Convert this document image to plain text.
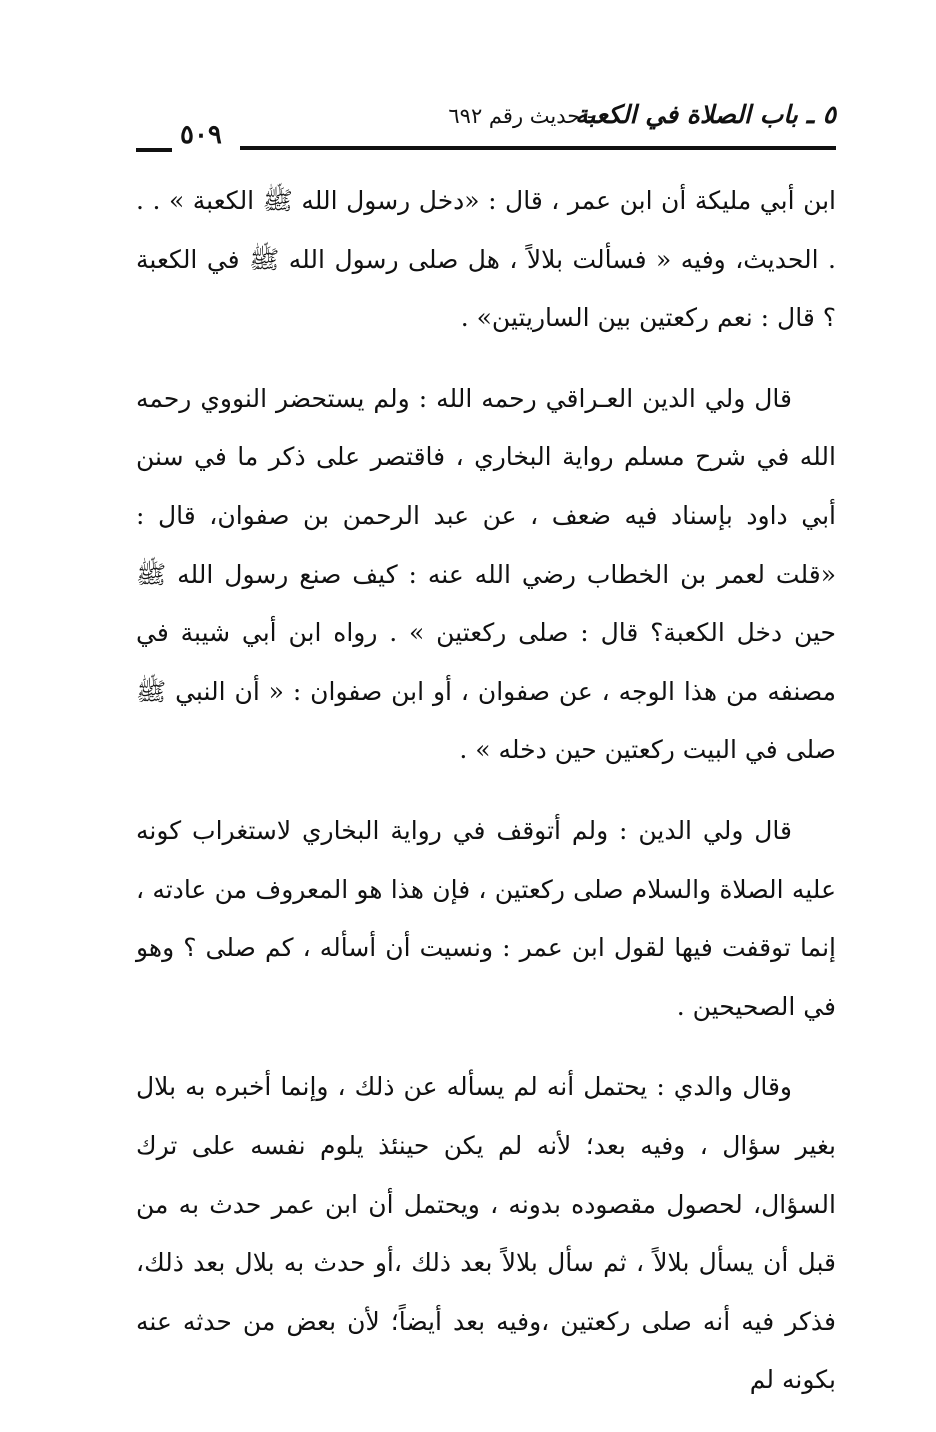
٥ ـ باب الصلاة في الكعبة
- حديث رقم ٦٩٢
٥٠٩

ابن أبي مليكة أن ابن عمر ، قال : «دخل رسول الله ﷺ الكعبة » . . . الحديث، وفيه « فسألت بلالاً ، هل صلى رسول الله ﷺ في الكعبة ؟ قال : نعم ركعتين بين الساريتين» .

قال ولي الدين العـراقي رحمه الله : ولم يستحضر النووي رحمه الله في شرح مسلم رواية البخاري ، فاقتصر على ذكر ما في سنن أبي داود بإسناد فيه ضعف ، عن عبد الرحمن بن صفوان، قال : «قلت لعمر بن الخطاب رضي الله عنه : كيف صنع رسول الله ﷺ حين دخل الكعبة؟ قال : صلى ركعتين » . رواه ابن أبي شيبة في مصنفه من هذا الوجه ، عن صفوان ، أو ابن صفوان : « أن النبي ﷺ صلى في البيت ركعتين حين دخله » .

قال ولي الدين : ولم أتوقف في رواية البخاري لاستغراب كونه عليه الصلاة والسلام صلى ركعتين ، فإن هذا هو المعروف من عادته ، إنما توقفت فيها لقول ابن عمر : ونسيت أن أسأله ، كم صلى ؟ وهو في الصحيحين .

وقال والدي : يحتمل أنه لم يسأله عن ذلك ، وإنما أخبره به بلال بغير سؤال ، وفيه بعد؛ لأنه لم يكن حينئذ يلوم نفسه على ترك السؤال، لحصول مقصوده بدونه ، ويحتمل أن ابن عمر حدث به من قبل أن يسأل بلالاً ، ثم سأل بلالاً بعد ذلك ،أو حدث به بلال بعد ذلك، فذكر فيه أنه صلى ركعتين ،وفيه بعد أيضاً؛ لأن بعض من حدثه عنه بكونه لم
